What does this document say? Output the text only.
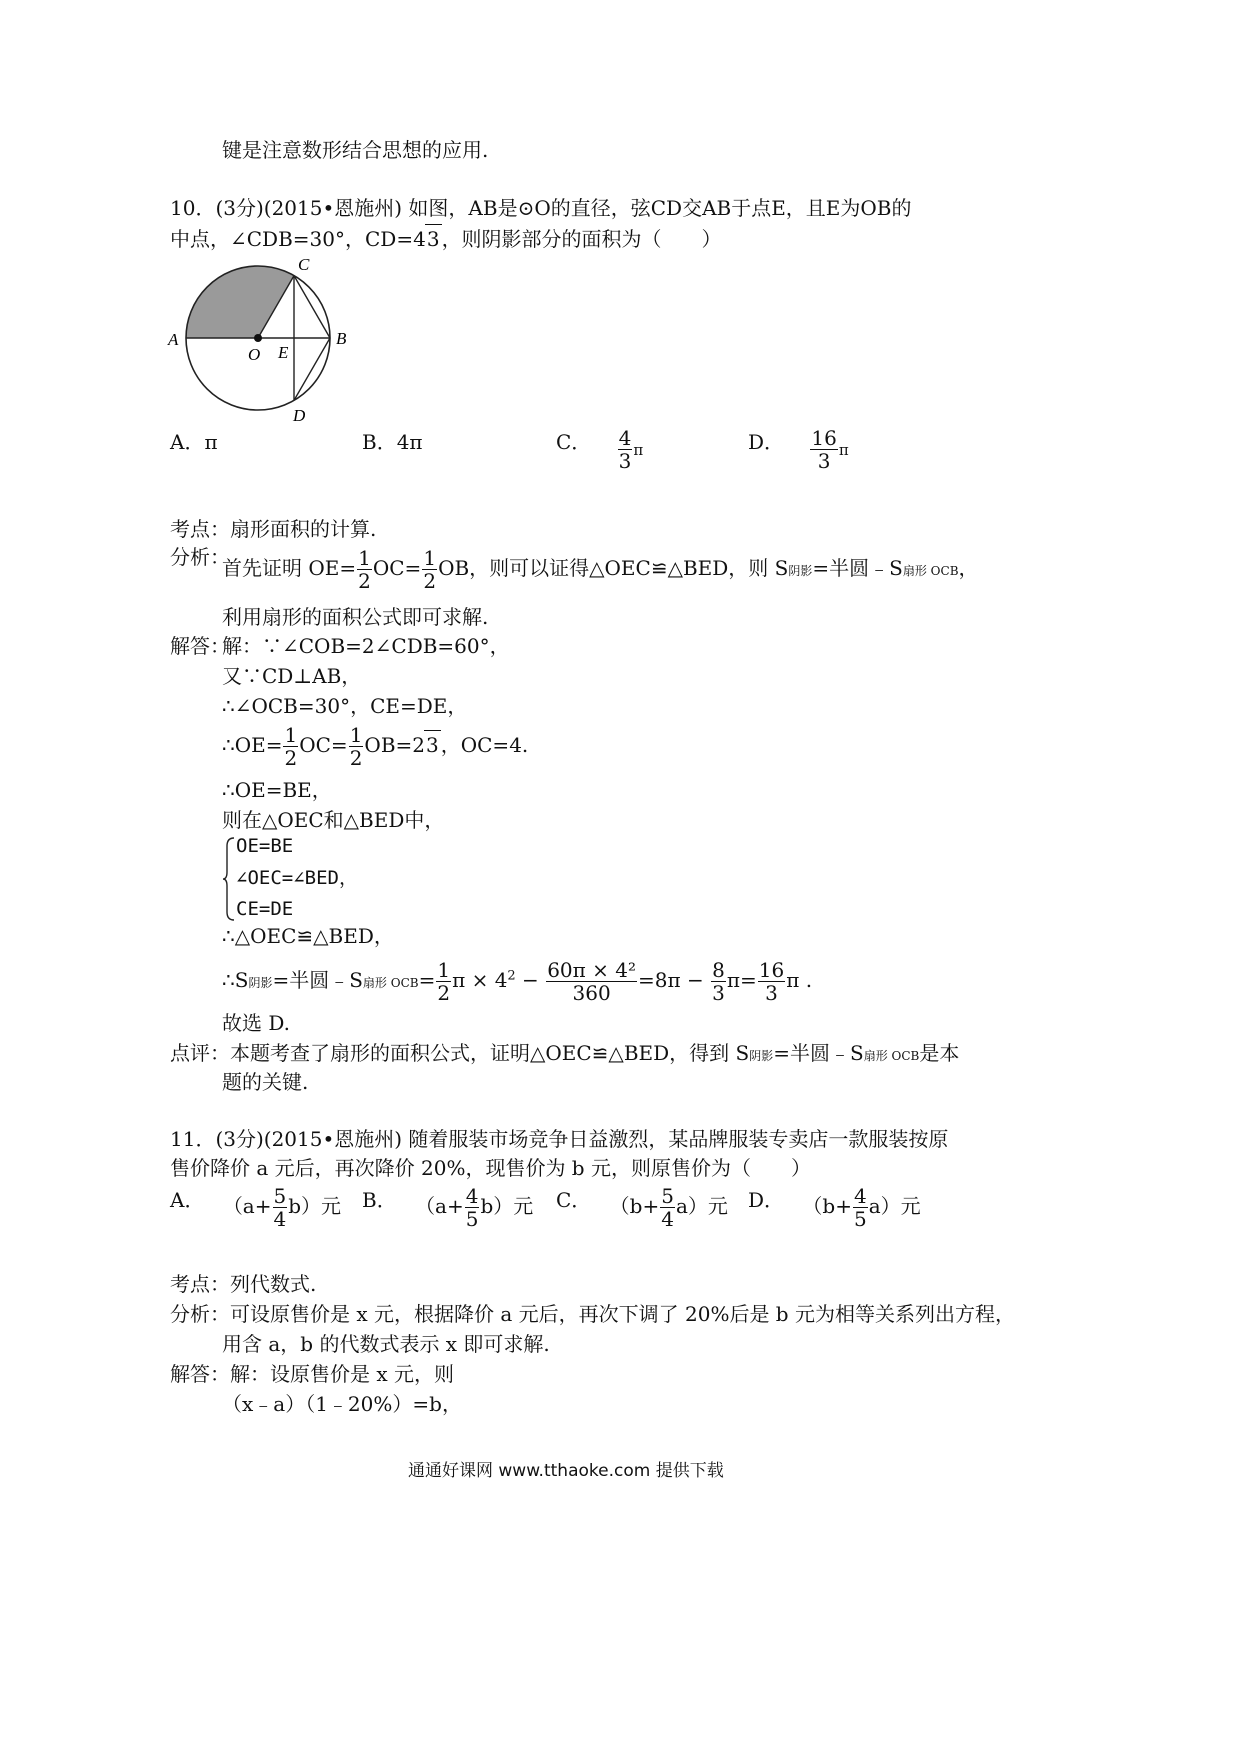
键是注意数形结合思想的应用.
10．(3分)(2015•恩施州) 如图，AB是⊙O的直径，弦CD交AB于点E，且E为OB的
中点，∠CDB=30°，CD=43 ，则阴影部分的面积为（　　）
A	B
C
D
E
O
A．π	B．4π	C． $\frac{4}{3}$ π	D． $\frac{16}{3}$ π
考点：扇形面积的计算.
分析：
首先证明 $OE= \frac{1}{2} OC= \frac{1}{2}$ OB，则可以证得△OEC≌△BED，则 S阴影=半圆﹣S扇形 OCB，
利用扇形的面积公式即可求解.
解答：
解：∵∠COB=2∠CDB=60°，
又∵CD⊥AB，
∴∠OCB=30°，CE=DE，
∴OE= $\frac{1}{2} OC= \frac{1}{2} OB=23$ ，OC=4.
∴OE=BE，
则在△OEC和△BED中，
OE=BE
∠OEC=∠BED，
CE=DE
∴△OEC≌△BED，
∴S阴影=半圆﹣S扇形 $OCB= \frac{1}{2}$ $\pi \times 4^2 - \frac{\text{60π × 4²}}{360} =8\pi - \frac{8}{3} \pi= \frac{16}{3}$ π .
故选 D.
点评：本题考查了扇形的面积公式，证明△OEC≌△BED，得到 S阴影=半圆﹣S扇形 OCB是本
题的关键.
11．(3分)(2015•恩施州) 随着服装市场竞争日益激烈，某品牌服装专卖店一款服装按原
售价降价 a 元后，再次降价 20%，现售价为 b 元，则原售价为（　　）
A． $(a+ \frac{5}{4} b)$元 B． $(a+ \frac{4}{5} b)$元 C． $(b+ \frac{5}{4} a)$元 D． $(b+ \frac{4}{5} a)$元
考点：列代数式.
分析：可设原售价是 x 元，根据降价 a 元后，再次下调了 20%后是 b 元为相等关系列出方程，
用含 a，b 的代数式表示 x 即可求解.
解答：解：设原售价是 x 元，则
（x﹣a）（1﹣20%）=b，
通通好课网 www.tthaoke.com 提供下载
